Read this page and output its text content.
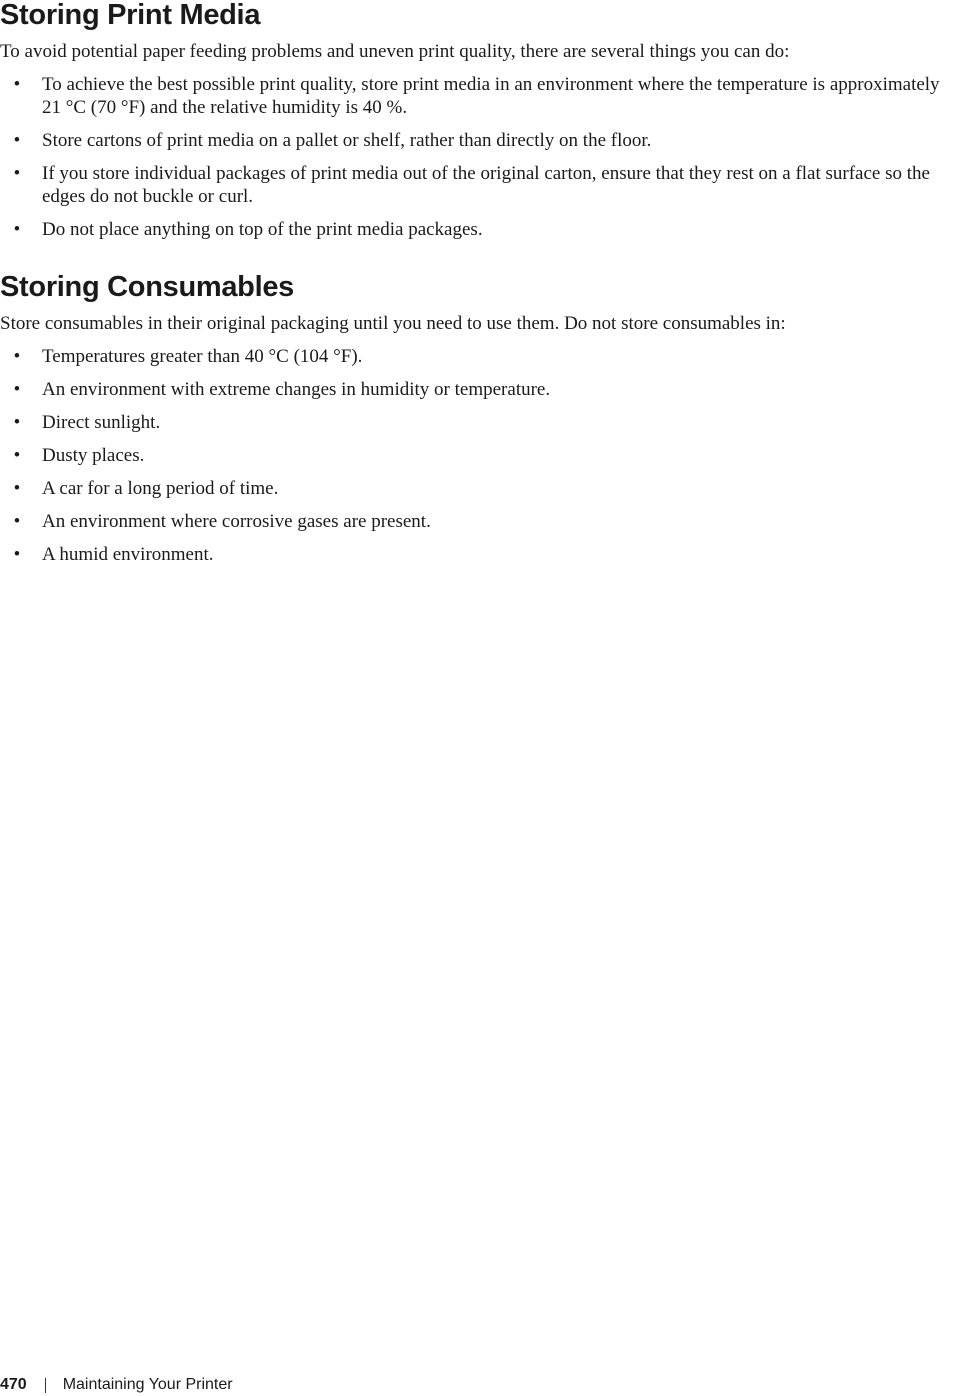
Storing Print Media

To avoid potential paper feeding problems and uneven print quality, there are several things you can do:

• To achieve the best possible print quality, store print media in an environment where the temperature is approximately 21 °C (70 °F) and the relative humidity is 40 %.
• Store cartons of print media on a pallet or shelf, rather than directly on the floor.
• If you store individual packages of print media out of the original carton, ensure that they rest on a flat surface so the edges do not buckle or curl.
• Do not place anything on top of the print media packages.
Storing Consumables

Store consumables in their original packaging until you need to use them. Do not store consumables in:

• Temperatures greater than 40 °C (104 °F).
• An environment with extreme changes in humidity or temperature.
• Direct sunlight.
• Dusty places.
• A car for a long period of time.
• An environment where corrosive gases are present.
• A humid environment.
470 Maintaining Your Printer
